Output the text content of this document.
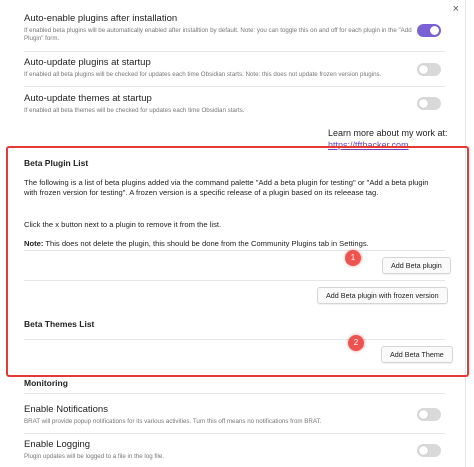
×
Auto-enable plugins after installation
If enabled beta plugins will be automatically enabled after installtion by default. Note: you can toggle this on and off for each plugin in the "Add Plugin" form.
Auto-update plugins at startup
If enabled all beta plugins will be checked for updates each time Obsidian starts. Note: this does not update frozen version plugins.
Auto-update themes at startup
If enabled all beta themes will be checked for updates each time Obsidian starts.
Learn more about my work at:
https://tfthacker.com
Beta Plugin List
The following is a list of beta plugins added via the command palette "Add a beta plugin for testing" or "Add a beta plugin with frozen version for testing". A frozen version is a specific release of a plugin based on its releease tag.
Click the x button next to a plugin to remove it from the list.
Note: This does not delete the plugin, this should be done from the Community Plugins tab in Settings.
1
Add Beta plugin
Add Beta plugin with frozen version
Beta Themes List
2
Add Beta Theme
Monitoring
Enable Notifications
BRAT will provide popup notifications for its various activities. Turn this off means no notifications from BRAT.
Enable Logging
Plugin updates will be logged to a file in the log file.
